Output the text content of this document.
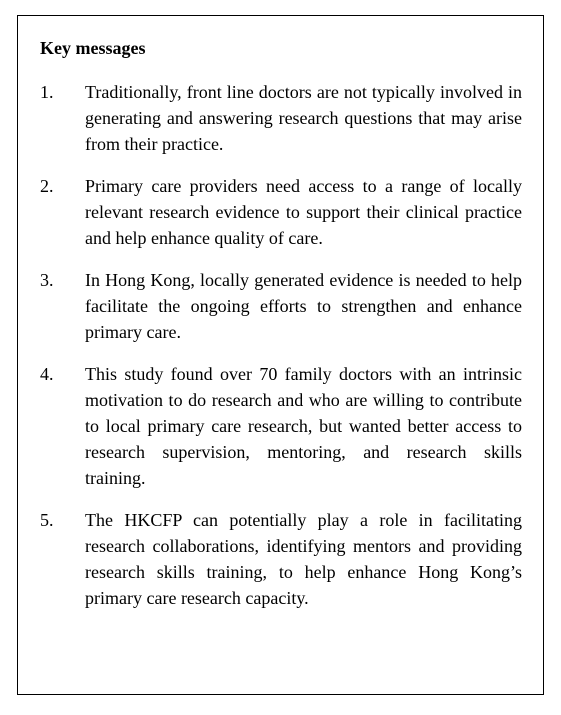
Key messages
1.	Traditionally, front line doctors are not typically involved in generating and answering research questions that may arise from their practice.
2.	Primary care providers need access to a range of locally relevant research evidence to support their clinical practice and help enhance quality of care.
3.	In Hong Kong, locally generated evidence is needed to help facilitate the ongoing efforts to strengthen and enhance primary care.
4.	This study found over 70 family doctors with an intrinsic motivation to do research and who are willing to contribute to local primary care research, but wanted better access to research supervision, mentoring, and research skills training.
5.	The HKCFP can potentially play a role in facilitating research collaborations, identifying mentors and providing research skills training, to help enhance Hong Kong’s primary care research capacity.
